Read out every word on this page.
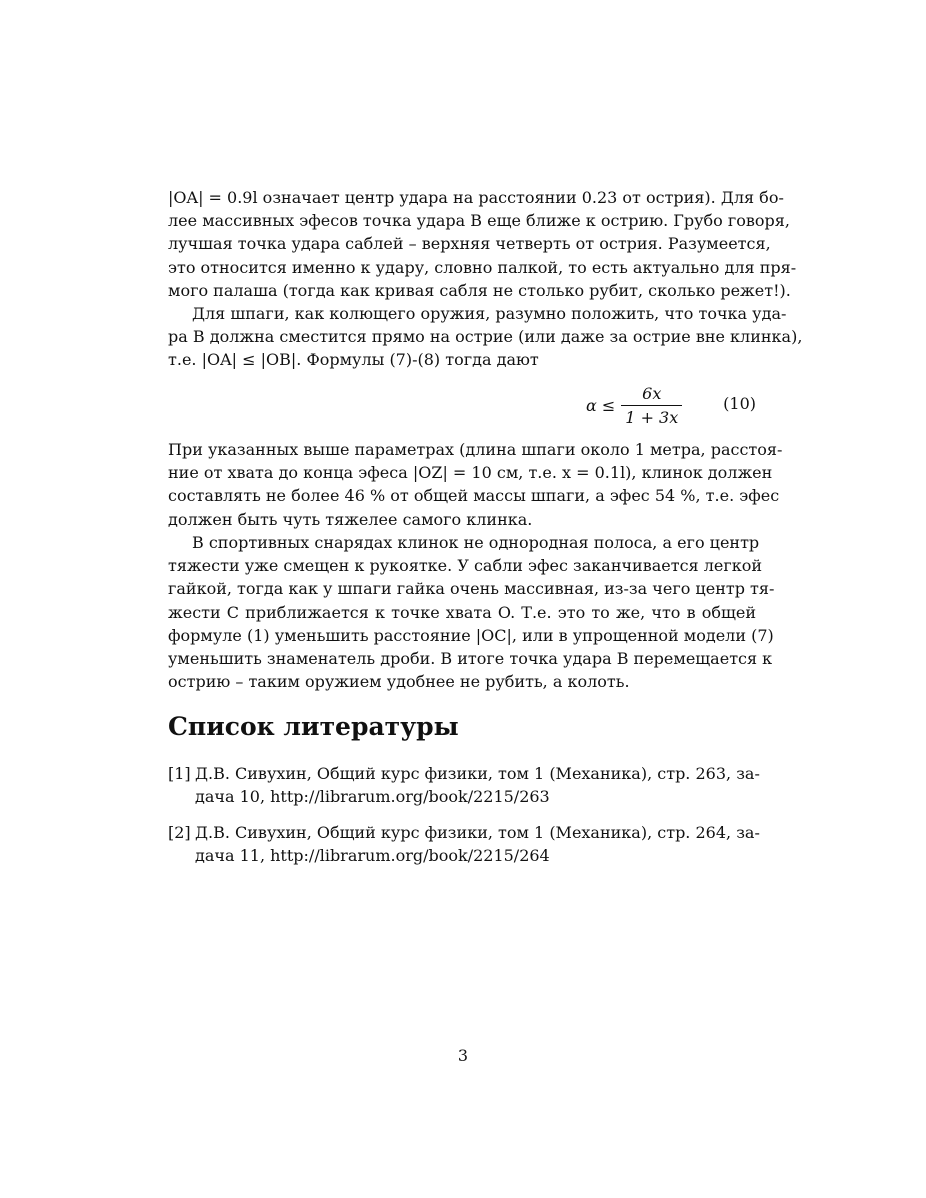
|OA| = 0.9l означает центр удара на расстоянии 0.23 от острия). Для бо-
лее массивных эфесов точка удара B еще ближе к острию. Грубо говоря,
лучшая точка удара саблей – верхняя четверть от острия. Разумеется,
это относится именно к удару, словно палкой, то есть актуально для пря-
мого палаша (тогда как кривая сабля не столько рубит, сколько режет!).
Для шпаги, как колющего оружия, разумно положить, что точка уда-
ра B должна сместится прямо на острие (или даже за острие вне клинка),
т.е. |OA| ≤ |OB|. Формулы (7)-(8) тогда дают
$\alpha \le \frac{6x}{1 + 3x}$	(10)
При указанных выше параметрах (длина шпаги около 1 метра, расстоя-
ние от хвата до конца эфеса |OZ| = 10 см, т.е. x = 0.1l), клинок должен
составлять не более 46 % от общей массы шпаги, а эфес 54 %, т.е. эфес
должен быть чуть тяжелее самого клинка.
В спортивных снарядах клинок не однородная полоса, а его центр
тяжести уже смещен к рукоятке. У сабли эфес заканчивается легкой
гайкой, тогда как у шпаги гайка очень массивная, из-за чего центр тя-
жести C приближается к точке хвата O. Т.е. это то же, что в общей
формуле (1) уменьшить расстояние |OC|, или в упрощенной модели (7)
уменьшить знаменатель дроби. В итоге точка удара B перемещается к
острию – таким оружием удобнее не рубить, а колоть.
Список литературы
[1] Д.В. Сивухин, Общий курс физики, том 1 (Механика), стр. 263, за-
дача 10, http://librarum.org/book/2215/263
[2] Д.В. Сивухин, Общий курс физики, том 1 (Механика), стр. 264, за-
дача 11, http://librarum.org/book/2215/264
3
